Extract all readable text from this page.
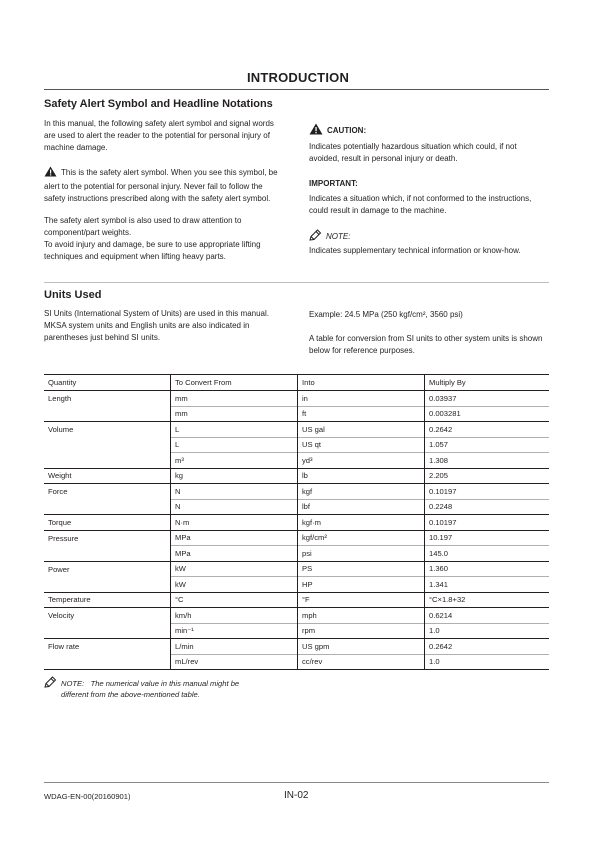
INTRODUCTION
Safety Alert Symbol and Headline Notations
In this manual, the following safety alert symbol and signal words are used to alert the reader to the potential for personal injury of machine damage.
This is the safety alert symbol. When you see this symbol, be alert to the potential for personal injury. Never fail to follow the safety instructions prescribed along with the safety alert symbol.
The safety alert symbol is also used to draw attention to component/part weights.
To avoid injury and damage, be sure to use appropriate lifting techniques and equipment when lifting heavy parts.
CAUTION:
Indicates potentially hazardous situation which could, if not avoided, result in personal injury or death.
IMPORTANT:
Indicates a situation which, if not conformed to the instructions, could result in damage to the machine.
NOTE:
Indicates supplementary technical information or know-how.
Units Used
SI Units (International System of Units) are used in this manual. MKSA system units and English units are also indicated in parentheses just behind SI units.
Example: 24.5 MPa (250 kgf/cm², 3560 psi)
A table for conversion from SI units to other system units is shown below for reference purposes.
Quantity	To Convert From	Into	Multiply By
Length	mm	in	0.03937
	mm	ft	0.003281
Volume	L	US gal	0.2642
	L	US qt	1.057
	m³	yd³	1.308
Weight	kg	lb	2.205
Force	N	kgf	0.10197
	N	lbf	0.2248
Torque	N·m	kgf·m	0.10197
Pressure	MPa	kgf/cm²	10.197
	MPa	psi	145.0
Power	kW	PS	1.360
	kW	HP	1.341
Temperature	°C	°F	°C×1.8+32
Velocity	km/h	mph	0.6214
	min⁻¹	rpm	1.0
Flow rate	L/min	US gpm	0.2642
	mL/rev	cc/rev	1.0
NOTE: The numerical value in this manual might be
different from the above-mentioned table.
WDAG-EN-00(20160901)	IN-02
